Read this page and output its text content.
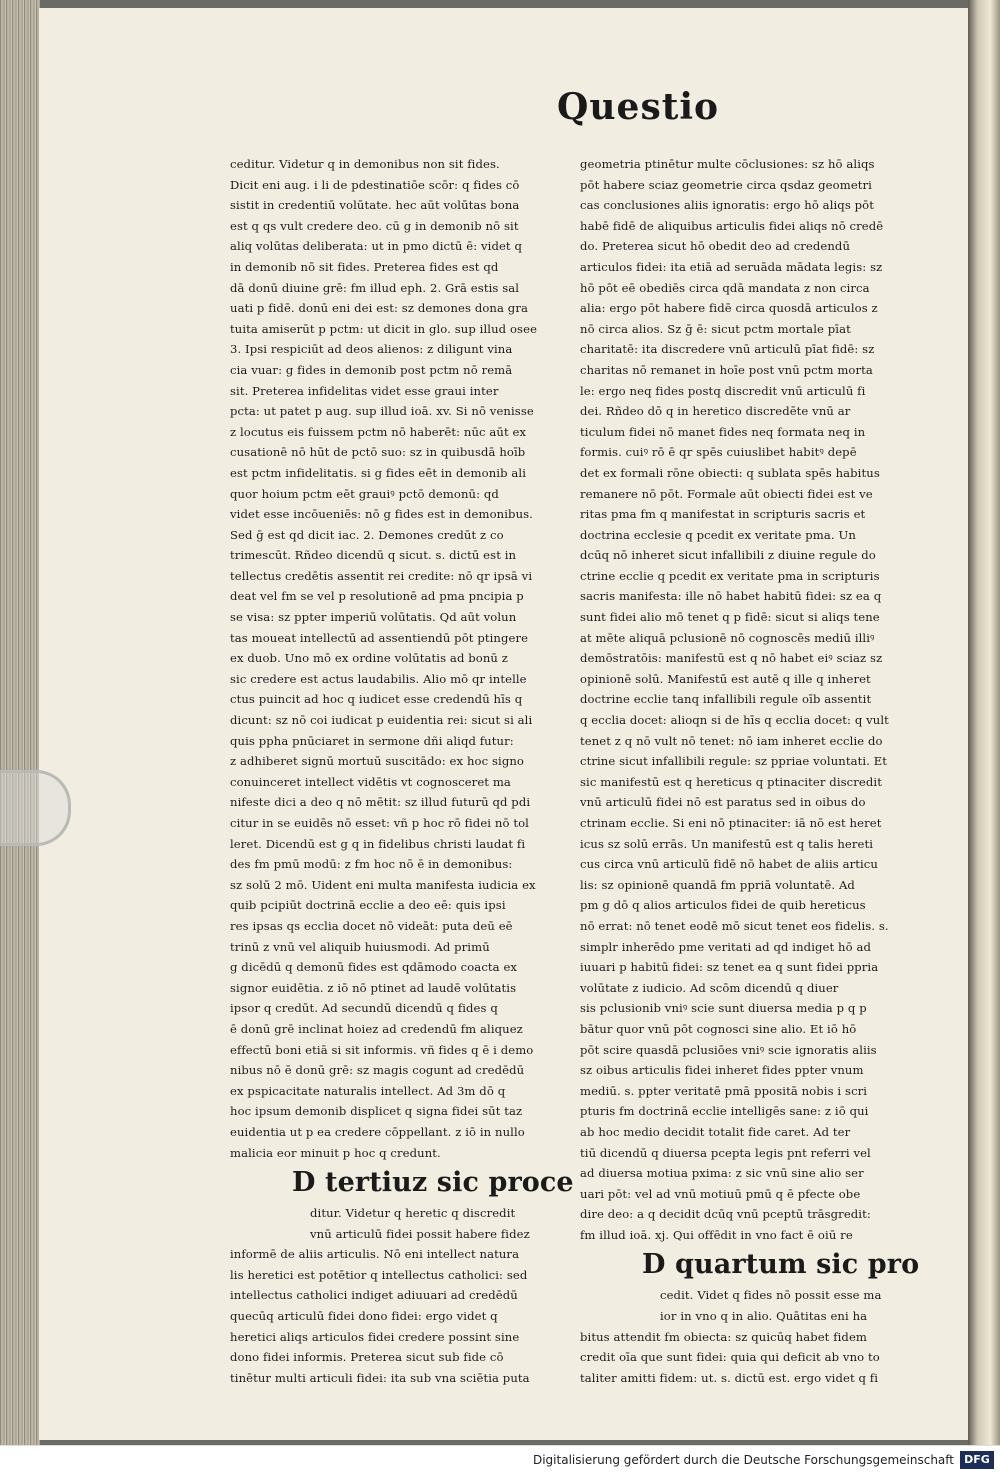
Questio
ceditur. Videtur q in demonibus non sit fides.
Dicit eni aug. i li de pdestinatiōe scōr: q fides cō
sistit in credentiū volūtate. hec aūt volūtas bona
est q qs vult credere deo. cū g in demonib nō sit
aliq volūtas deliberata: ut in pmo dictū ē: videt q
in demonib nō sit fides. Preterea fides est qd
dā donū diuine grē: fm illud eph. 2. Grā estis sal
uati p fidē. donū eni dei est: sz demones dona gra
tuita amiserūt p pctm: ut dicit in glo. sup illud osee
3. Ipsi respiciūt ad deos alienos: z diligunt vina
cia vuar: g fides in demonib post pctm nō remā
sit. Preterea infidelitas videt esse graui inter
pcta: ut patet p aug. sup illud ioā. xv. Si nō venisse
z locutus eis fuissem pctm nō haberēt: nūc aūt ex
cusationē nō hūt de pctō suo: sz in quibusdā hoīb
est pctm infidelitatis. si g fides eēt in demonib ali
quor hoium pctm eēt grauiꝰ pctō demonū: qd
videt esse incōueniēs: nō g fides est in demonibus.
Sed ḡ est qd dicit iac. 2. Demones credūt z co
trimescūt. Rñdeo dicendū q sicut. s. dictū est in
tellectus credētis assentit rei credite: nō qr ipsā vi
deat vel fm se vel p resolutionē ad pma pncipia p
se visa: sz ppter imperiū volūtatis. Qd aūt volun
tas moueat intellectū ad assentiendū pōt ptingere
ex duob. Uno mō ex ordine volūtatis ad bonū z
sic credere est actus laudabilis. Alio mō qr intelle
ctus puincit ad hoc q iudicet esse credendū hīs q
dicunt: sz nō coi iudicat p euidentia rei: sicut si ali
quis ppha pnūciaret in sermone dñi aliqd futur:
z adhiberet signū mortuū suscitādo: ex hoc signo
conuinceret intellect vidētis vt cognosceret ma
nifeste dici a deo q nō mētit: sz illud futurū qd pdi
citur in se euidēs nō esset: vñ p hoc rō fidei nō tol
leret. Dicendū est g q in fidelibus christi laudat fi
des fm pmū modū: z fm hoc nō ē in demonibus:
sz solū 2 mō. Uident eni multa manifesta iudicia ex
quib pcipiūt doctrinā ecclie a deo eē: quis ipsi
res ipsas qs ecclia docet nō videāt: puta deū eē
trinū z vnū vel aliquib huiusmodi. Ad primū
g dicēdū q demonū fides est qdāmodo coacta ex
signor euidētia. z iō nō ptinet ad laudē volūtatis
ipsor q credūt. Ad secundū dicendū q fides q
ē donū grē inclinat hoiez ad credendū fm aliquez
effectū boni etiā si sit informis. vñ fides q ē i demo
nibus nō ē donū grē: sz magis cogunt ad credēdū
ex pspicacitate naturalis intellect. Ad 3m dō q
hoc ipsum demonib displicet q signa fidei sūt taz
euidentia ut p ea credere cōppellant. z iō in nullo
malicia eor minuit p hoc q credunt.
D tertiuz sic proce
ditur. Videtur q heretic q discredit
vnū articulū fidei possit habere fidez
informē de aliis articulis. Nō eni intellect natura
lis heretici est potētior q intellectus catholici: sed
intellectus catholici indiget adiuuari ad credēdū
quecūq articulū fidei dono fidei: ergo videt q
heretici aliqs articulos fidei credere possint sine
dono fidei informis. Preterea sicut sub fide cō
tinētur multi articuli fidei: ita sub vna sciētia puta
geometria ptinētur multe cōclusiones: sz hō aliqs
pōt habere sciaz geometrie circa qsdaz geometri
cas conclusiones aliis ignoratis: ergo hō aliqs pōt
habē fidē de aliquibus articulis fidei aliqs nō credē
do. Preterea sicut hō obedit deo ad credendū
articulos fidei: ita etiā ad seruāda mādata legis: sz
hō pōt eē obediēs circa qdā mandata z non circa
alia: ergo pōt habere fidē circa quosdā articulos z
nō circa alios. Sz ḡ ē: sicut pctm mortale pīat
charitatē: ita discredere vnū articulū pīat fidē: sz
charitas nō remanet in hoīe post vnū pctm morta
le: ergo neq fides postq discredit vnū articulū fi
dei. Rñdeo dō q in heretico discredēte vnū ar
ticulum fidei nō manet fides neq formata neq in
formis. cuiꝰ rō ē qr spēs cuiuslibet habitꝰ depē
det ex formali rōne obiecti: q sublata spēs habitus
remanere nō pōt. Formale aūt obiecti fidei est ve
ritas pma fm q manifestat in scripturis sacris et
doctrina ecclesie q pcedit ex veritate pma. Un
dcūq nō inheret sicut infallibili z diuine regule do
ctrine ecclie q pcedit ex veritate pma in scripturis
sacris manifesta: ille nō habet habitū fidei: sz ea q
sunt fidei alio mō tenet q p fidē: sicut si aliqs tene
at mēte aliquā pclusionē nō cognoscēs mediū illiꝰ
demōstratōis: manifestū est q nō habet eiꝰ sciaz sz
opinionē solū. Manifestū est autē q ille q inheret
doctrine ecclie tanq infallibili regule oīb assentit
q ecclia docet: alioqn si de hīs q ecclia docet: q vult
tenet z q nō vult nō tenet: nō iam inheret ecclie do
ctrine sicut infallibili regule: sz ppriae voluntati. Et
sic manifestū est q hereticus q ptinaciter discredit
vnū articulū fidei nō est paratus sed in oibus do
ctrinam ecclie. Si eni nō ptinaciter: iā nō est heret
icus sz solū errās. Un manifestū est q talis hereti
cus circa vnū articulū fidē nō habet de aliis articu
lis: sz opinionē quandā fm ppriā voluntatē. Ad
pm g dō q alios articulos fidei de quib hereticus
nō errat: nō tenet eodē mō sicut tenet eos fidelis. s.
simplr inherēdo pme veritati ad qd indiget hō ad
iuuari p habitū fidei: sz tenet ea q sunt fidei ppria
volūtate z iudicio. Ad scōm dicendū q diuer
sis pclusionib vniꝰ scie sunt diuersa media p q p
bātur quor vnū pōt cognosci sine alio. Et iō hō
pōt scire quasdā pclusiōes vniꝰ scie ignoratis aliis
sz oibus articulis fidei inheret fides ppter vnum
mediū. s. ppter veritatē pmā ppositā nobis i scri
pturis fm doctrinā ecclie intelligēs sane: z iō qui
ab hoc medio decidit totalit fide caret. Ad ter
tiū dicendū q diuersa pcepta legis pnt referri vel
ad diuersa motiua pxima: z sic vnū sine alio ser
uari pōt: vel ad vnū motiuū pmū q ē pfecte obe
dire deo: a q decidit dcūq vnū pceptū trāsgredit:
fm illud ioā. xj. Qui offēdit in vno fact ē oiū re
D quartum sic pro
cedit. Videt q fides nō possit esse ma
ior in vno q in alio. Quātitas eni ha
bitus attendit fm obiecta: sz quicūq habet fidem
credit oīa que sunt fidei: quia qui deficit ab vno to
taliter amitti fidem: ut. s. dictū est. ergo videt q fi
Digitalisierung gefördert durch die Deutsche Forschungsgemeinschaft DFG
